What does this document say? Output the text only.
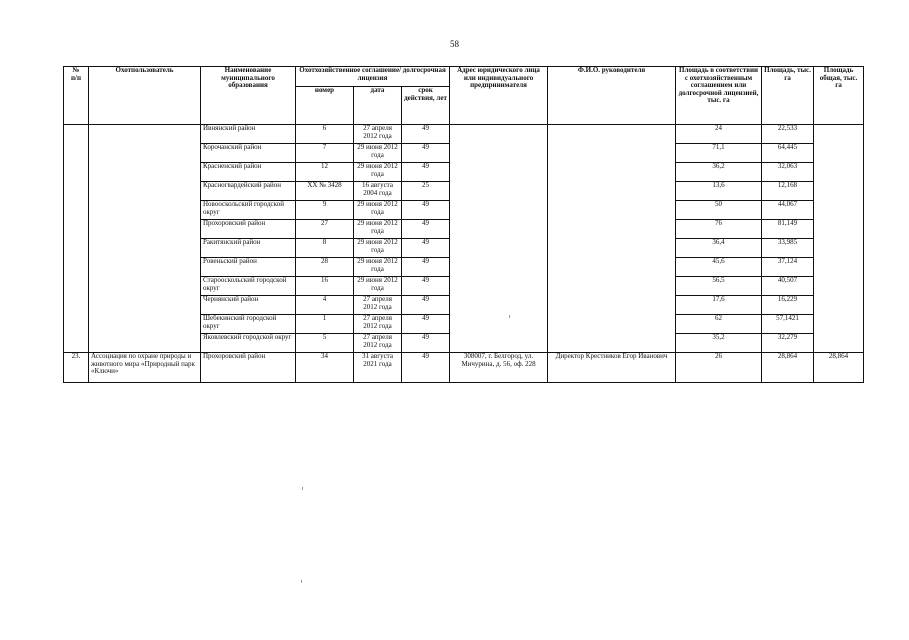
58
№
п/п	Охотпользователь	Наименование муниципального образования	Охотхозяйственное соглашение/ долгосрочная лицензия			Адрес юридического лица или индивидуального предпринимателя	Ф.И.О. руководителя	Площадь в соответствии с охотхозяйственным соглашением или долгосрочной лицензией, тыс. га	Площадь, тыс. га	Площадь общая, тыс. га
			номер	дата	срок действия, лет					
		Ивнянский район	6	27 апреля 2012 года	49			24	22,533	
		Корочанский район	7	29 июня 2012 года	49			71,1	64,445	
		Красненский район	12	29 июня 2012 года	49			36,2	32,063	
		Красногвардейский район	ХХ № 3428	16 августа 2004 года	25			13,6	12,168	
		Новооскольский городской округ	9	29 июня 2012 года	49			50	44,067	
		Прохоровский район	27	29 июня 2012 года	49			76	81,149	
		Ракитянский район	8	29 июня 2012 года	49			36,4	33,985	
		Ровеньский район	28	29 июня 2012 года	49			45,6	37,124	
		Старооскольский городской округ	16	29 июня 2012 года	49			56,5	40,507	
		Чернянский район	4	27 апреля 2012 года	49			17,6	16,229	
		Шебекинский городской округ	1	27 апреля 2012 года	49			62	57,1421	
		Яковлевский городской округ	5	27 апреля 2012 года	49			35,2	32,279	
23.	Ассоциация по охране природы и животного мира «Природный парк «Ключи»	Прохоровский район	34	31 августа 2021 года	49	308007, г. Белгород, ул. Мичурина, д. 56, оф. 228	Директор Крестников Егор Иванович	26	28,864	28,864
